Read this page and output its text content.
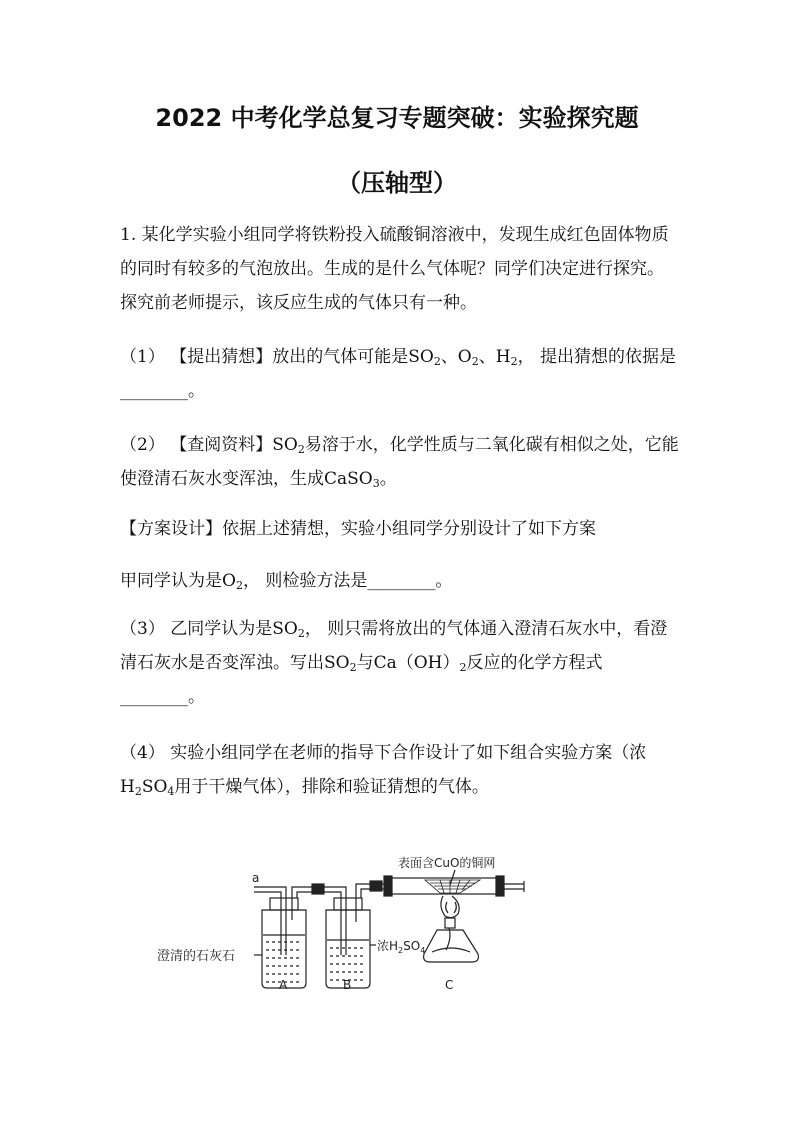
2022 中考化学总复习专题突破：实验探究题
（压轴型）
1. 某化学实验小组同学将铁粉投入硫酸铜溶液中，发现生成红色固体物质的同时有较多的气泡放出。生成的是什么气体呢？同学们决定进行探究。探究前老师提示，该反应生成的气体只有一种。
（1） 【提出猜想】放出的气体可能是$SO_2$、$O_2$、$H_2$， 提出猜想的依据是________。
（2） 【查阅资料】$SO_2$易溶于水，化学性质与二氧化碳有相似之处，它能使澄清石灰水变浑浊，生成CaSO$_3$。
【方案设计】依据上述猜想，实验小组同学分别设计了如下方案
甲同学认为是$O_2$， 则检验方法是________。
（3） 乙同学认为是$SO_2$， 则只需将放出的气体通入澄清石灰水中，看澄清石灰水是否变浑浊。写出$SO_2$与$Ca(OH)_2$反应的化学方程式________。
（4） 实验小组同学在老师的指导下合作设计了如下组合实验方案（浓$H_2SO_4$用于干燥气体），排除和验证猜想的气体。
a
澄清的石灰石
浓$H_2SO_4$
表面含CuO的铜网
A	B	C
